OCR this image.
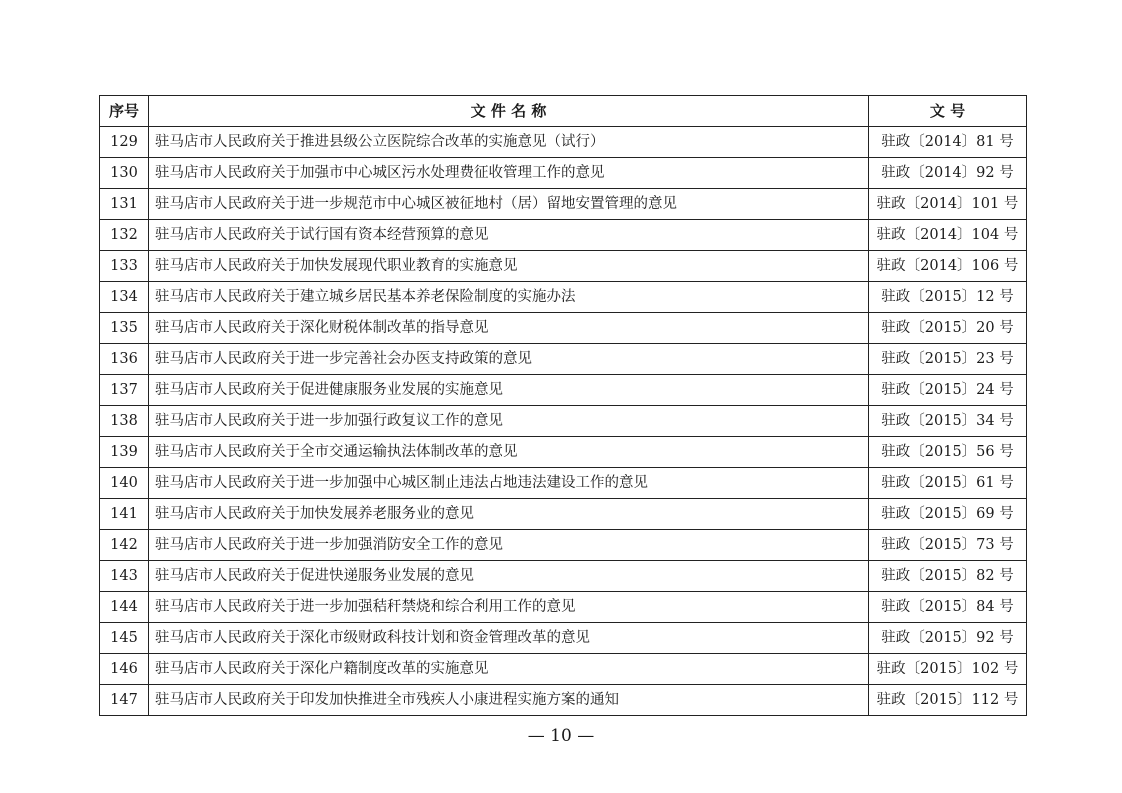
序号	文 件 名 称	文 号
129	驻马店市人民政府关于推进县级公立医院综合改革的实施意见（试行）	驻政〔2014〕81 号
130	驻马店市人民政府关于加强市中心城区污水处理费征收管理工作的意见	驻政〔2014〕92 号
131	驻马店市人民政府关于进一步规范市中心城区被征地村（居）留地安置管理的意见	驻政〔2014〕101 号
132	驻马店市人民政府关于试行国有资本经营预算的意见	驻政〔2014〕104 号
133	驻马店市人民政府关于加快发展现代职业教育的实施意见	驻政〔2014〕106 号
134	驻马店市人民政府关于建立城乡居民基本养老保险制度的实施办法	驻政〔2015〕12 号
135	驻马店市人民政府关于深化财税体制改革的指导意见	驻政〔2015〕20 号
136	驻马店市人民政府关于进一步完善社会办医支持政策的意见	驻政〔2015〕23 号
137	驻马店市人民政府关于促进健康服务业发展的实施意见	驻政〔2015〕24 号
138	驻马店市人民政府关于进一步加强行政复议工作的意见	驻政〔2015〕34 号
139	驻马店市人民政府关于全市交通运输执法体制改革的意见	驻政〔2015〕56 号
140	驻马店市人民政府关于进一步加强中心城区制止违法占地违法建设工作的意见	驻政〔2015〕61 号
141	驻马店市人民政府关于加快发展养老服务业的意见	驻政〔2015〕69 号
142	驻马店市人民政府关于进一步加强消防安全工作的意见	驻政〔2015〕73 号
143	驻马店市人民政府关于促进快递服务业发展的意见	驻政〔2015〕82 号
144	驻马店市人民政府关于进一步加强秸秆禁烧和综合利用工作的意见	驻政〔2015〕84 号
145	驻马店市人民政府关于深化市级财政科技计划和资金管理改革的意见	驻政〔2015〕92 号
146	驻马店市人民政府关于深化户籍制度改革的实施意见	驻政〔2015〕102 号
147	驻马店市人民政府关于印发加快推进全市残疾人小康进程实施方案的通知	驻政〔2015〕112 号
— 10 —
